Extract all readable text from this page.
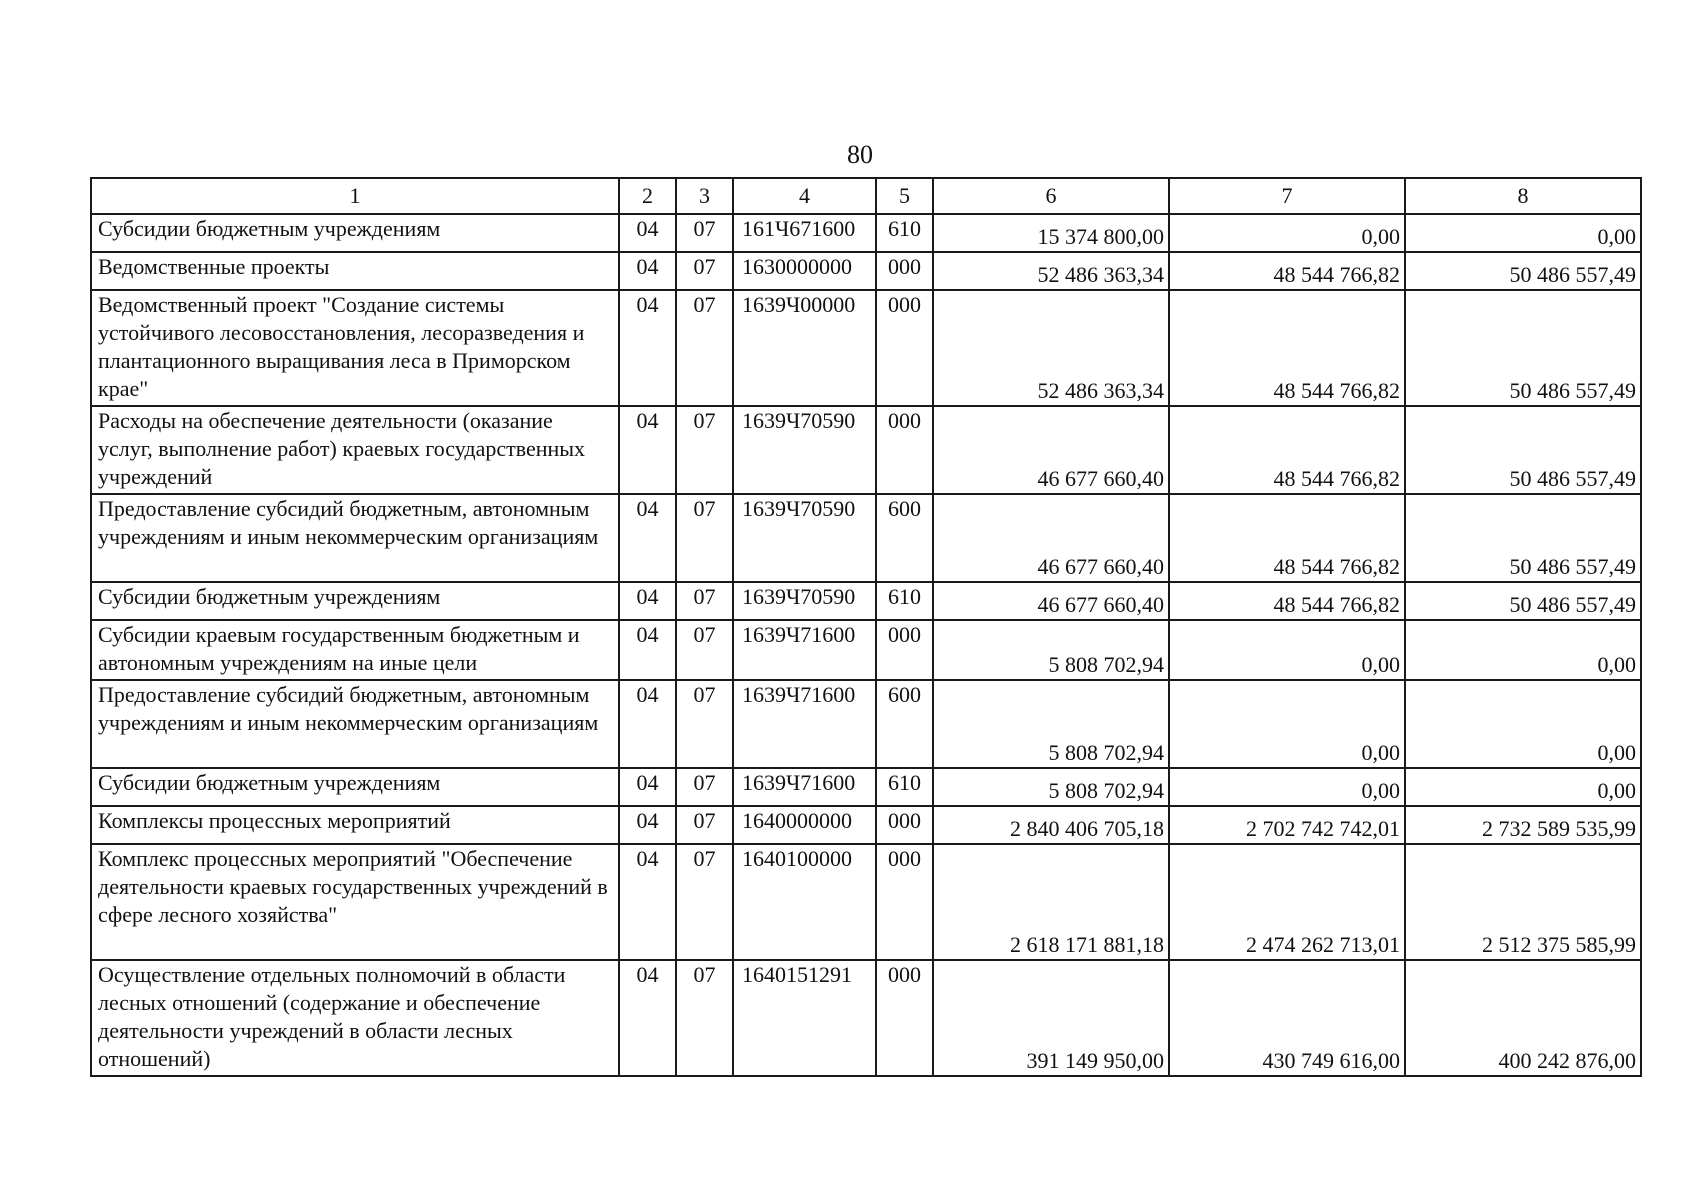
80
1	2	3	4	5	6	7	8
Субсидии бюджетным учреждениям	04	07	161Ч671600	610	15 374 800,00	0,00	0,00
Ведомственные проекты	04	07	1630000000	000	52 486 363,34	48 544 766,82	50 486 557,49
Ведомственный проект "Создание системы устойчивого лесовосстановления, лесоразведения и плантационного выращивания леса в Приморском крае"	04	07	1639Ч00000	000	52 486 363,34	48 544 766,82	50 486 557,49
Расходы на обеспечение деятельности (оказание услуг, выполнение работ) краевых государственных учреждений	04	07	1639Ч70590	000	46 677 660,40	48 544 766,82	50 486 557,49
Предоставление субсидий бюджетным, автономным учреждениям и иным некоммерческим организациям	04	07	1639Ч70590	600	46 677 660,40	48 544 766,82	50 486 557,49
Субсидии бюджетным учреждениям	04	07	1639Ч70590	610	46 677 660,40	48 544 766,82	50 486 557,49
Субсидии краевым государственным бюджетным и автономным учреждениям на иные цели	04	07	1639Ч71600	000	5 808 702,94	0,00	0,00
Предоставление субсидий бюджетным, автономным учреждениям и иным некоммерческим организациям	04	07	1639Ч71600	600	5 808 702,94	0,00	0,00
Субсидии бюджетным учреждениям	04	07	1639Ч71600	610	5 808 702,94	0,00	0,00
Комплексы процессных мероприятий	04	07	1640000000	000	2 840 406 705,18	2 702 742 742,01	2 732 589 535,99
Комплекс процессных мероприятий "Обеспечение деятельности краевых государственных учреждений в сфере лесного хозяйства"	04	07	1640100000	000	2 618 171 881,18	2 474 262 713,01	2 512 375 585,99
Осуществление отдельных полномочий в области лесных отношений (содержание и обеспечение деятельности учреждений в области лесных отношений)	04	07	1640151291	000	391 149 950,00	430 749 616,00	400 242 876,00
